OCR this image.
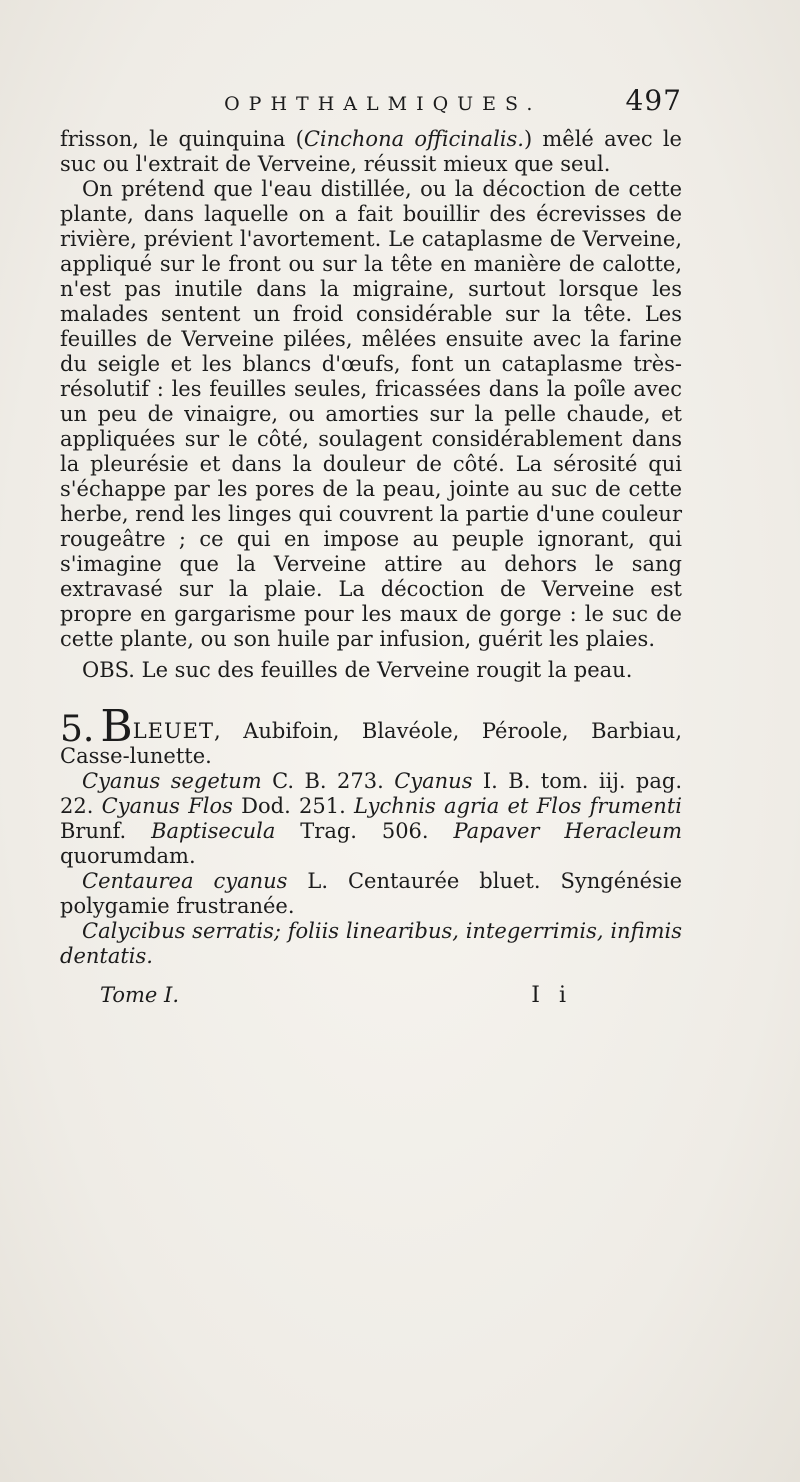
OPHTHALMIQUES.	497

frisson, le quinquina (Cinchona officinalis.) mêlé avec le suc ou l'extrait de Verveine, réussit mieux que seul.

On prétend que l'eau distillée, ou la décoction de cette plante, dans laquelle on a fait bouillir des écrevisses de rivière, prévient l'avortement. Le cataplasme de Verveine, appliqué sur le front ou sur la tête en manière de calotte, n'est pas inutile dans la migraine, surtout lorsque les malades sentent un froid considérable sur la tête. Les feuilles de Verveine pilées, mêlées ensuite avec la farine du seigle et les blancs d'œufs, font un cataplasme très-résolutif : les feuilles seules, fricassées dans la poîle avec un peu de vinaigre, ou amorties sur la pelle chaude, et appliquées sur le côté, soulagent considérablement dans la pleurésie et dans la douleur de côté. La sérosité qui s'échappe par les pores de la peau, jointe au suc de cette herbe, rend les linges qui couvrent la partie d'une couleur rougeâtre ; ce qui en impose au peuple ignorant, qui s'imagine que la Verveine attire au dehors le sang extravasé sur la plaie. La décoction de Verveine est propre en gargarisme pour les maux de gorge : le suc de cette plante, ou son huile par infusion, guérit les plaies.

OBS. Le suc des feuilles de Verveine rougit la peau.

5. BLEUET, Aubifoin, Blavéole, Péroole, Barbiau, Casse-lunette.

Cyanus segetum C. B. 273. Cyanus I. B. tom. iij. pag. 22. Cyanus Flos Dod. 251. Lychnis agria et Flos frumenti Brunf. Baptisecula Trag. 506. Papaver Heracleum quorumdam.

Centaurea cyanus L. Centaurée bluet. Syngénésie polygamie frustranée.

Calycibus serratis; foliis linearibus, integerrimis, infimis dentatis.

Tome I.	I i
